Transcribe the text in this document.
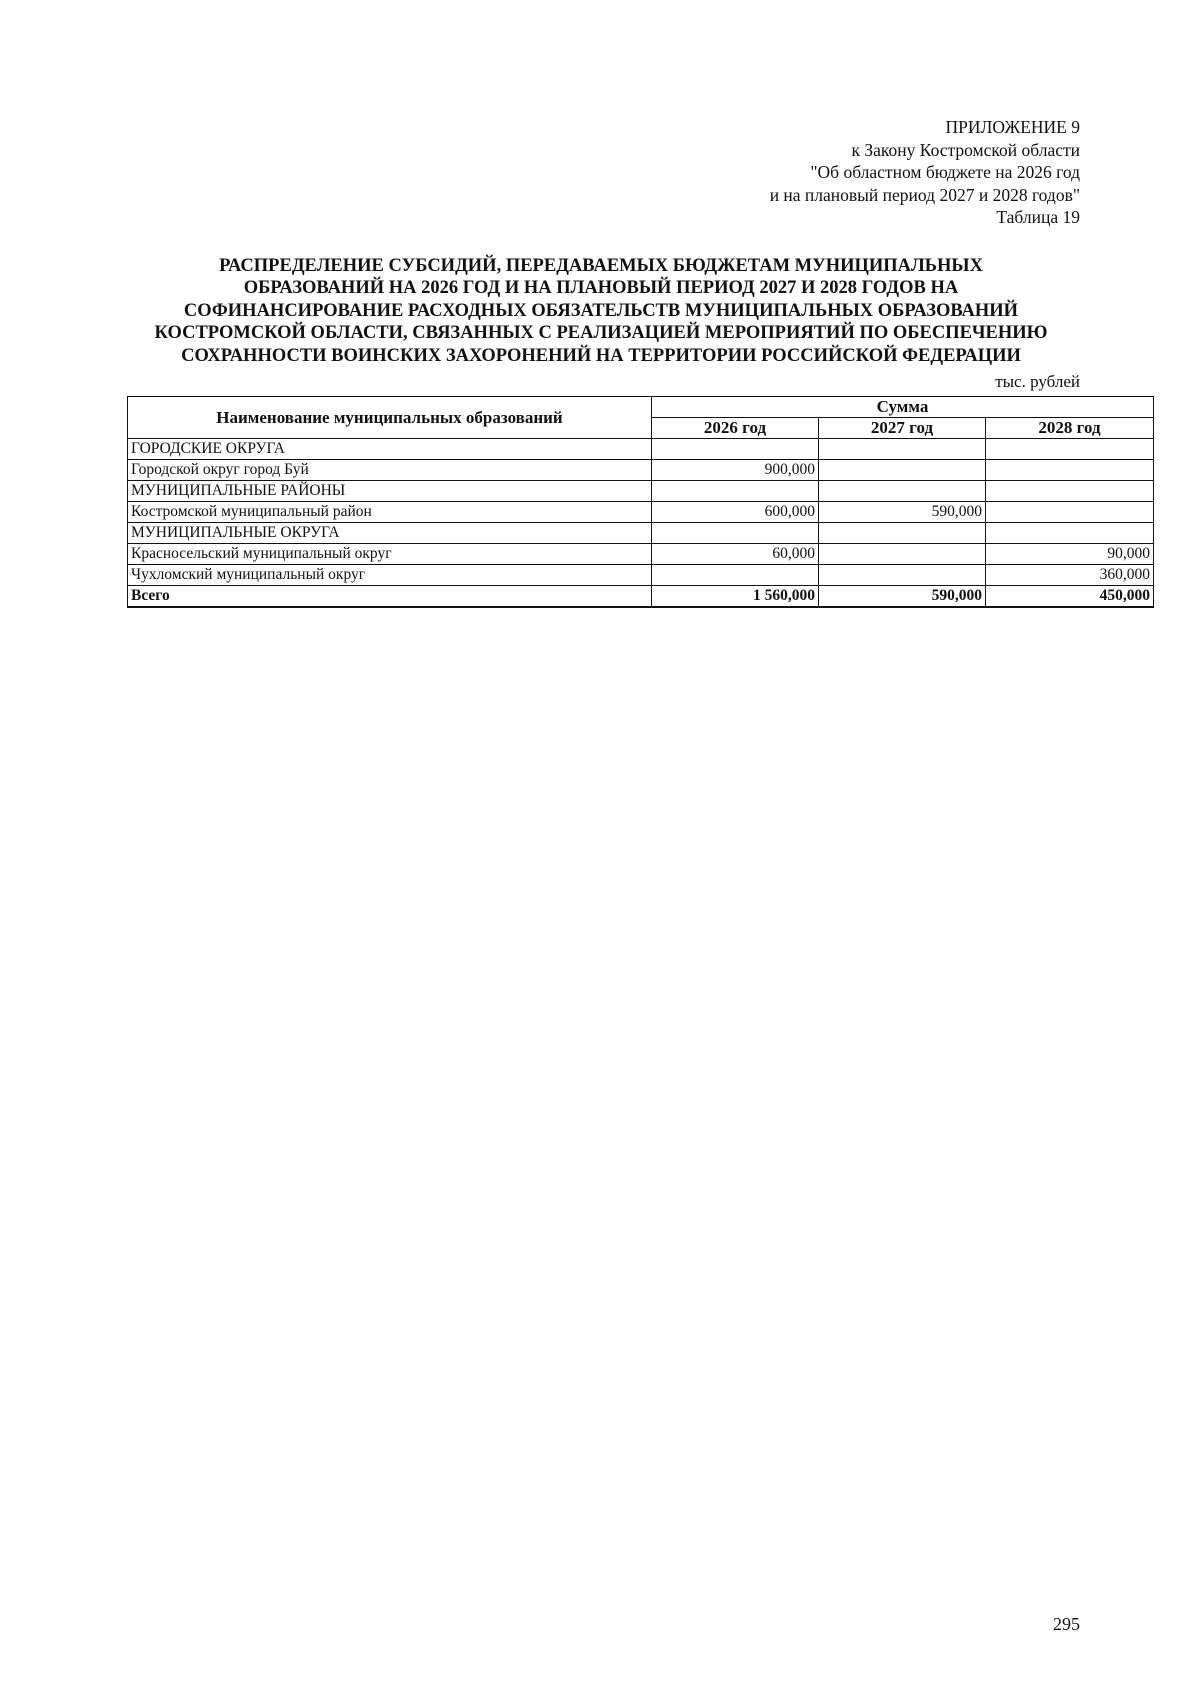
ПРИЛОЖЕНИЕ 9
к Закону Костромской области
"Об областном бюджете на 2026 год
и на плановый период 2027 и 2028 годов"
Таблица 19
РАСПРЕДЕЛЕНИЕ СУБСИДИЙ, ПЕРЕДАВАЕМЫХ БЮДЖЕТАМ МУНИЦИПАЛЬНЫХ
ОБРАЗОВАНИЙ НА 2026 ГОД И НА ПЛАНОВЫЙ ПЕРИОД 2027 И 2028 ГОДОВ НА
СОФИНАНСИРОВАНИЕ РАСХОДНЫХ ОБЯЗАТЕЛЬСТВ МУНИЦИПАЛЬНЫХ ОБРАЗОВАНИЙ
КОСТРОМСКОЙ ОБЛАСТИ, СВЯЗАННЫХ С РЕАЛИЗАЦИЕЙ МЕРОПРИЯТИЙ ПО ОБЕСПЕЧЕНИЮ
СОХРАННОСТИ ВОИНСКИХ ЗАХОРОНЕНИЙ НА ТЕРРИТОРИИ РОССИЙСКОЙ ФЕДЕРАЦИИ
тыс. рублей
Наименование муниципальных образований	Сумма		
	2026 год	2027 год	2028 год
ГОРОДСКИЕ ОКРУГА			
Городской округ город Буй	900,000		
МУНИЦИПАЛЬНЫЕ РАЙОНЫ			
Костромской муниципальный район	600,000	590,000	
МУНИЦИПАЛЬНЫЕ ОКРУГА			
Красносельский муниципальный округ	60,000		90,000
Чухломский муниципальный округ			360,000
Всего	1 560,000	590,000	450,000
295
